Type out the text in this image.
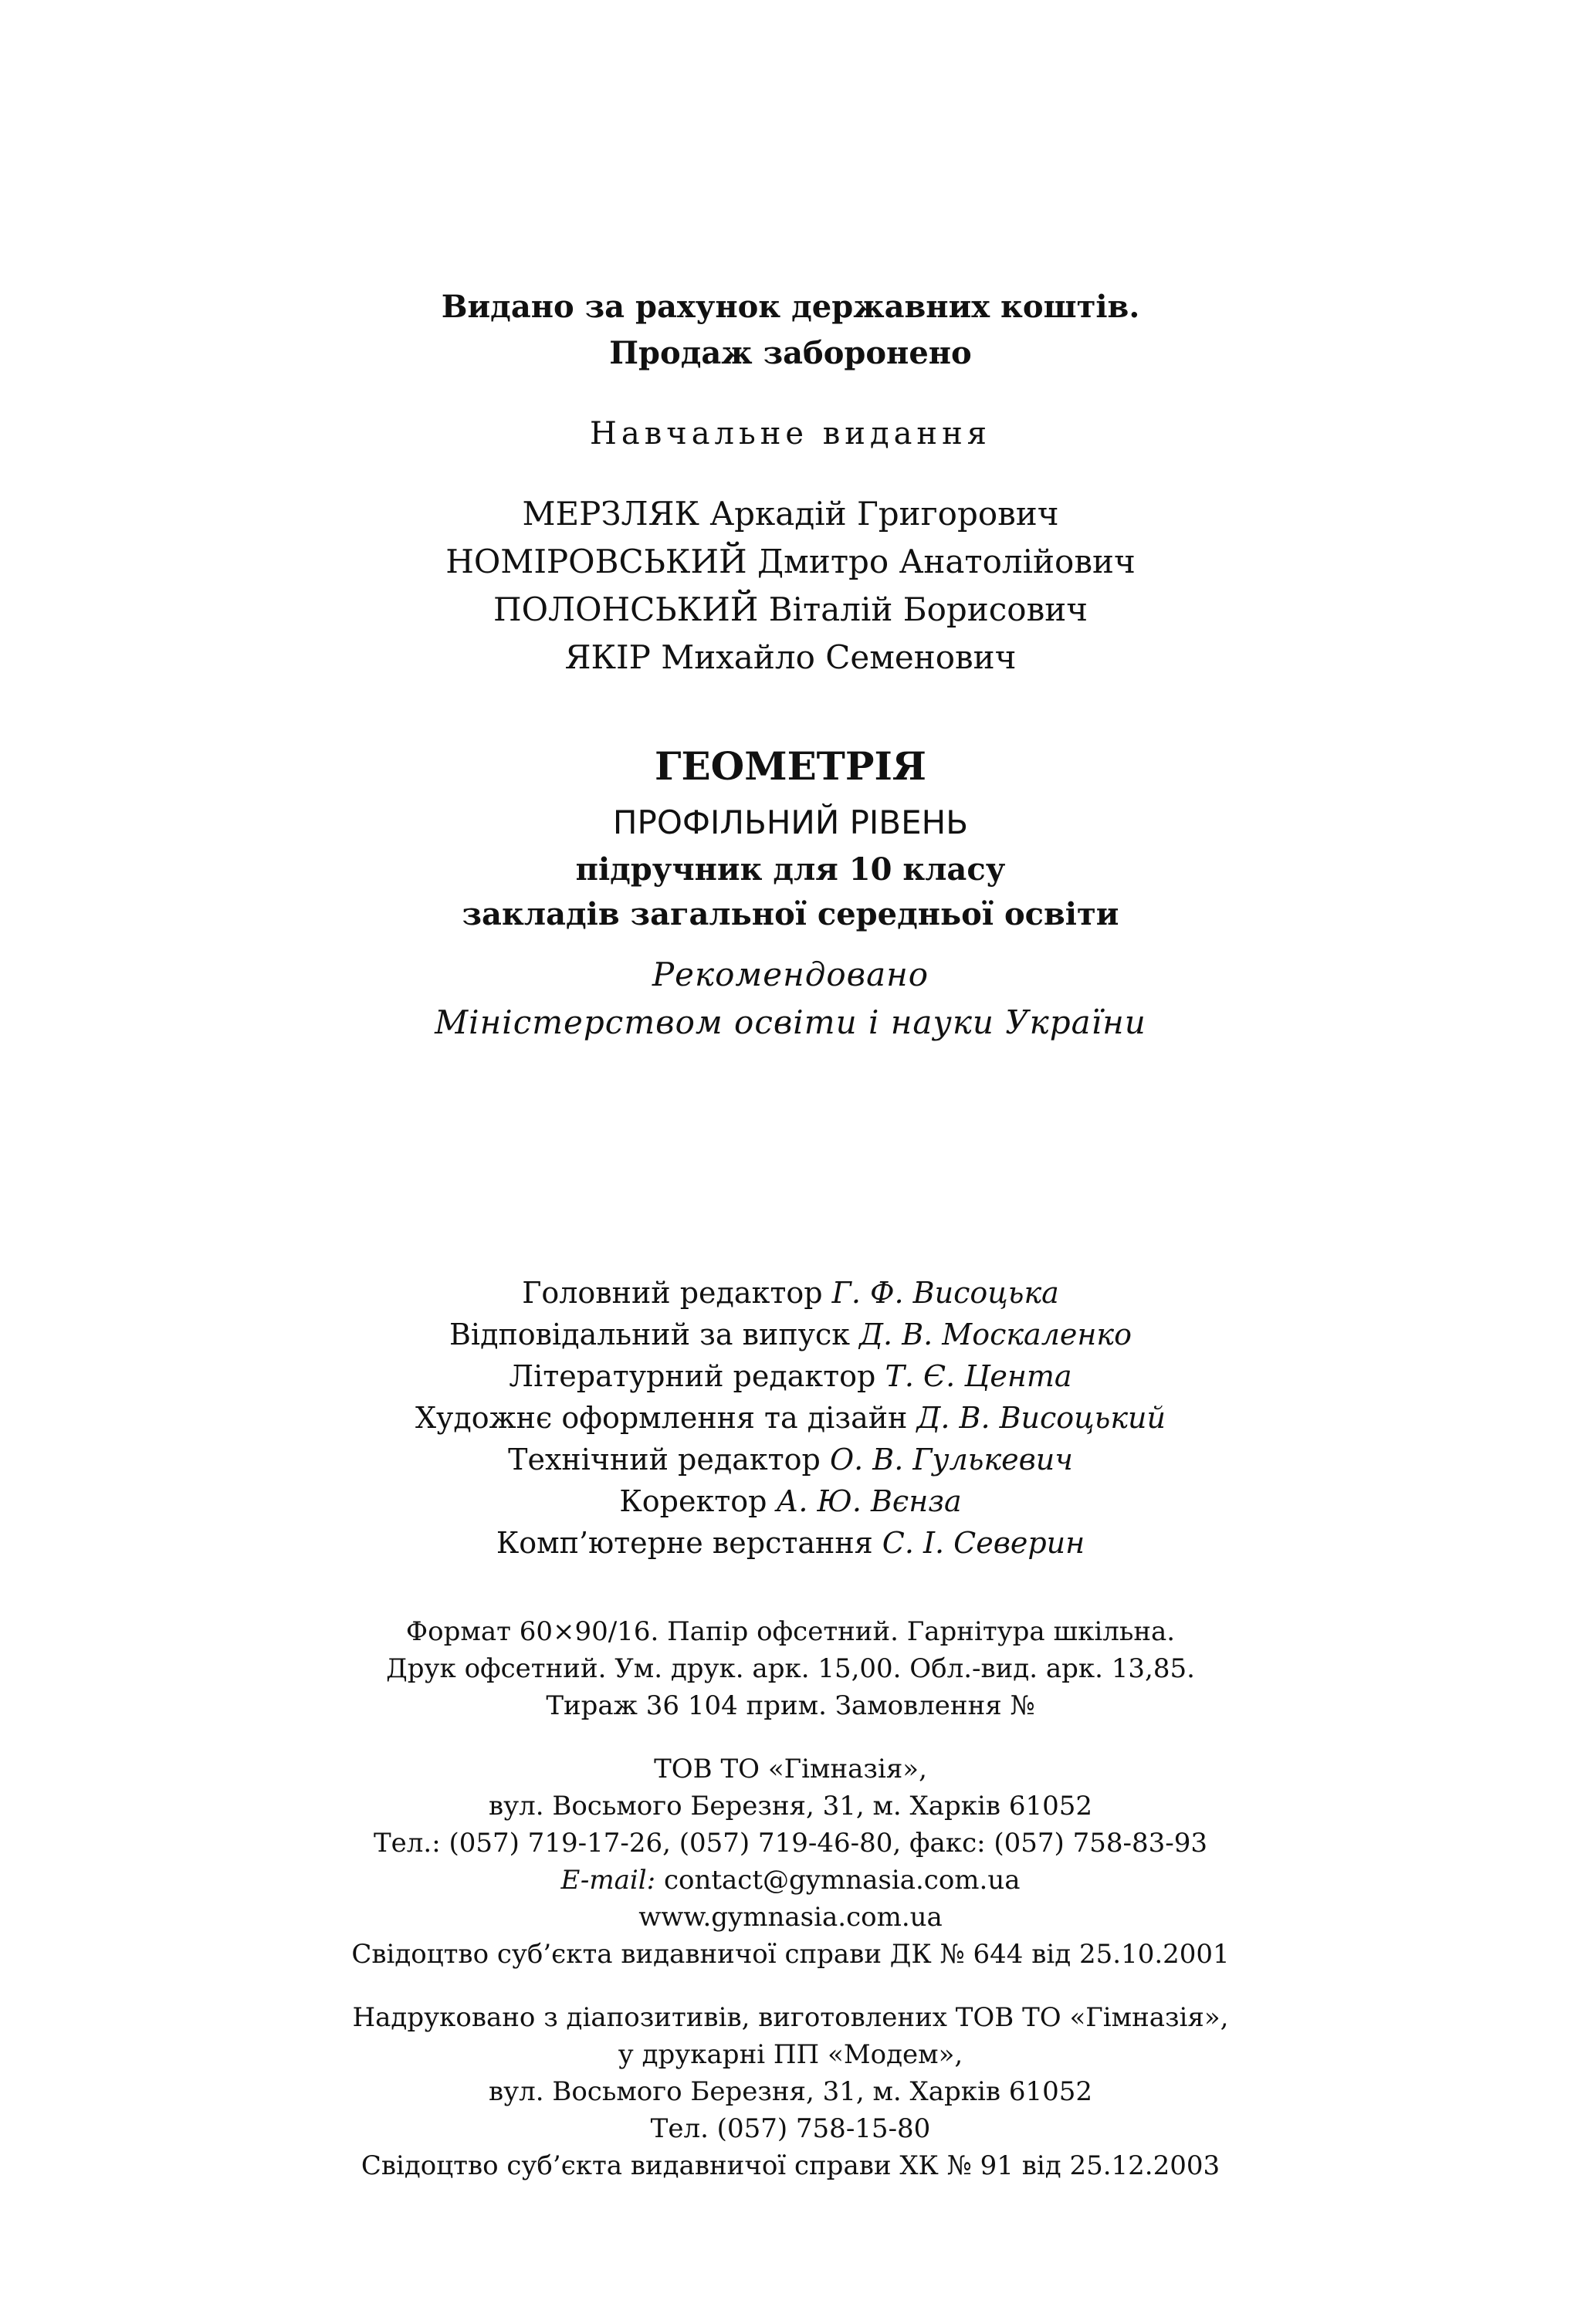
Видано за рахунок державних коштів.
Продаж заборонено
Навчальне видання
МЕРЗЛЯК Аркадій Григорович
НОМІРОВСЬКИЙ Дмитро Анатолійович
ПОЛОНСЬКИЙ Віталій Борисович
ЯКІР Михайло Семенович
ГЕОМЕТРІЯ
ПРОФІЛЬНИЙ РІВЕНЬ
підручник для 10 класу
закладів загальної середньої освіти
Рекомендовано
Міністерством освіти і науки України
Головний редактор Г. Ф. Висоцька
Відповідальний за випуск Д. В. Москаленко
Літературний редактор Т. Є. Цента
Художнє оформлення та дізайн Д. В. Висоцький
Технічний редактор О. В. Гулькевич
Коректор А. Ю. Вєнза
Комп’ютерне верстання С. І. Северин
Формат 60×90/16. Папір офсетний. Гарнітура шкільна.
Друк офсетний. Ум. друк. арк. 15,00. Обл.-вид. арк. 13,85.
Тираж 36 104 прим. Замовлення №
ТОВ ТО «Гімназія»,
вул. Восьмого Березня, 31, м. Харків 61052
Тел.: (057) 719-17-26, (057) 719-46-80, факс: (057) 758-83-93
E-mail: contact@gymnasia.com.ua
www.gymnasia.com.ua
Свідоцтво суб’єкта видавничої справи ДК № 644 від 25.10.2001
Надруковано з діапозитивів, виготовлених ТОВ ТО «Гімназія»,
у друкарні ПП «Модем»,
вул. Восьмого Березня, 31, м. Харків 61052
Тел. (057) 758-15-80
Свідоцтво суб’єкта видавничої справи ХК № 91 від 25.12.2003
